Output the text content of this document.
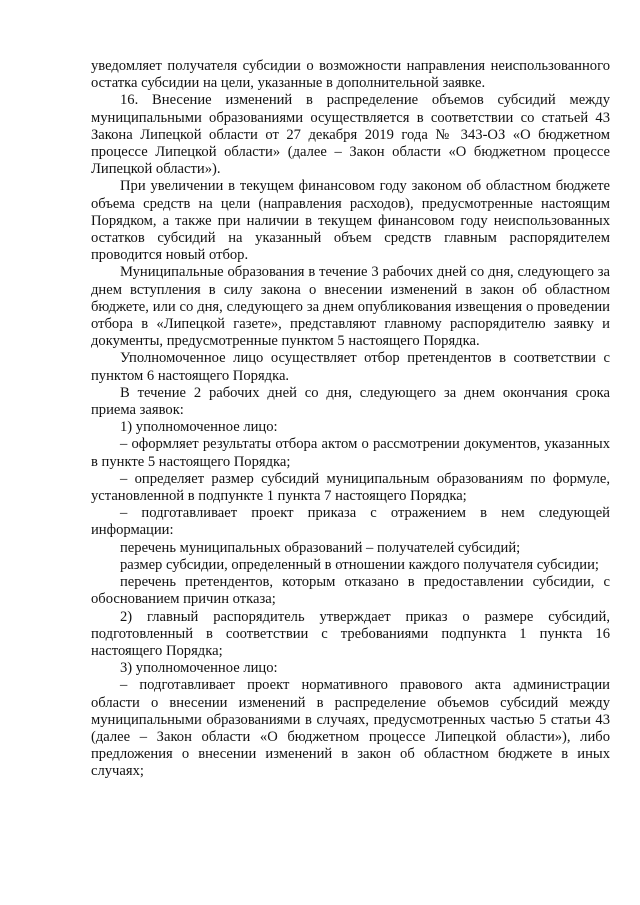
уведомляет получателя субсидии о возможности направления неиспользованного остатка субсидии на цели, указанные в дополнительной заявке.

16. Внесение изменений в распределение объемов субсидий между муниципальными образованиями осуществляется в соответствии со статьей 43 Закона Липецкой области от 27 декабря 2019 года № 343-ОЗ «О бюджетном процессе Липецкой области» (далее – Закон области «О бюджетном процессе Липецкой области»).

При увеличении в текущем финансовом году законом об областном бюджете объема средств на цели (направления расходов), предусмотренные настоящим Порядком, а также при наличии в текущем финансовом году неиспользованных остатков субсидий на указанный объем средств главным распорядителем проводится новый отбор.

Муниципальные образования в течение 3 рабочих дней со дня, следующего за днем вступления в силу закона о внесении изменений в закон об областном бюджете, или со дня, следующего за днем опубликования извещения о проведении отбора в «Липецкой газете», представляют главному распорядителю заявку и документы, предусмотренные пунктом 5 настоящего Порядка.

Уполномоченное лицо осуществляет отбор претендентов в соответствии с пунктом 6 настоящего Порядка.

В течение 2 рабочих дней со дня, следующего за днем окончания срока приема заявок:

1) уполномоченное лицо:

– оформляет результаты отбора актом о рассмотрении документов, указанных в пункте 5 настоящего Порядка;

– определяет размер субсидий муниципальным образованиям по формуле, установленной в подпункте 1 пункта 7 настоящего Порядка;

– подготавливает проект приказа с отражением в нем следующей информации:

перечень муниципальных образований – получателей субсидий;

размер субсидии, определенный в отношении каждого получателя субсидии;

перечень претендентов, которым отказано в предоставлении субсидии, с обоснованием причин отказа;

2) главный распорядитель утверждает приказ о размере субсидий, подготовленный в соответствии с требованиями подпункта 1 пункта 16 настоящего Порядка;

3) уполномоченное лицо:

– подготавливает проект нормативного правового акта администрации области о внесении изменений в распределение объемов субсидий между муниципальными образованиями в случаях, предусмотренных частью 5 статьи 43 (далее – Закон области «О бюджетном процессе Липецкой области»), либо предложения о внесении изменений в закон об областном бюджете в иных случаях;
